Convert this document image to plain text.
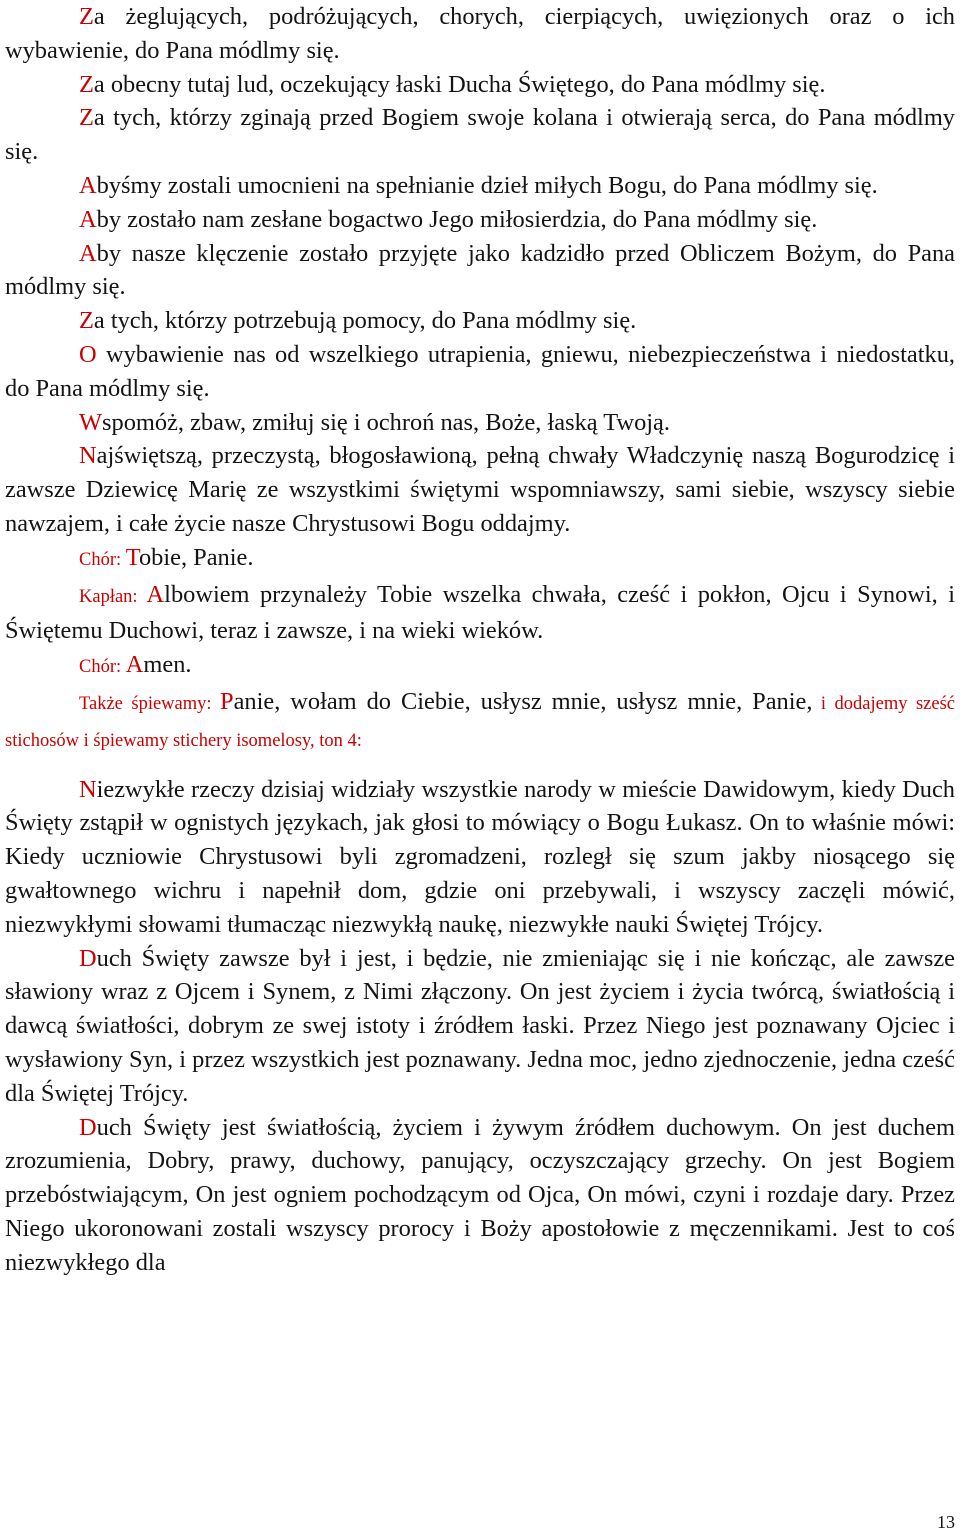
Za żeglujących, podróżujących, chorych, cierpiących, uwięzionych oraz o ich wybawienie, do Pana módlmy się.

Za obecny tutaj lud, oczekujący łaski Ducha Świętego, do Pana módlmy się.

Za tych, którzy zginają przed Bogiem swoje kolana i otwierają serca, do Pana módlmy się.

Abyśmy zostali umocnieni na spełnianie dzieł miłych Bogu, do Pana módlmy się.

Aby zostało nam zesłane bogactwo Jego miłosierdzia, do Pana módlmy się.

Aby nasze klęczenie zostało przyjęte jako kadzidło przed Obliczem Bożym, do Pana módlmy się.

Za tych, którzy potrzebują pomocy, do Pana módlmy się.

O wybawienie nas od wszelkiego utrapienia, gniewu, niebezpieczeństwa i niedostatku, do Pana módlmy się.

Wspomóż, zbaw, zmiłuj się i ochroń nas, Boże, łaską Twoją.

Najświętszą, przeczystą, błogosławioną, pełną chwały Władczynię naszą Bogurodzicę i zawsze Dziewicę Marię ze wszystkimi świętymi wspomniawszy, sami siebie, wszyscy siebie nawzajem, i całe życie nasze Chrystusowi Bogu oddajmy.

Chór: Tobie, Panie.

Kapłan: Albowiem przynależy Tobie wszelka chwała, cześć i pokłon, Ojcu i Synowi, i Świętemu Duchowi, teraz i zawsze, i na wieki wieków.

Chór: Amen.

Także śpiewamy: Panie, wołam do Ciebie, usłysz mnie, usłysz mnie, Panie, i dodajemy sześć stichosów i śpiewamy stichery isomelosy, ton 4:

Niezwykłe rzeczy dzisiaj widziały wszystkie narody w mieście Dawidowym, kiedy Duch Święty zstąpił w ognistych językach, jak głosi to mówiący o Bogu Łukasz. On to właśnie mówi: Kiedy uczniowie Chrystusowi byli zgromadzeni, rozległ się szum jakby niosącego się gwałtownego wichru i napełnił dom, gdzie oni przebywali, i wszyscy zaczęli mówić, niezwykłymi słowami tłumacząc niezwykłą naukę, niezwykłe nauki Świętej Trójcy.

Duch Święty zawsze był i jest, i będzie, nie zmieniając się i nie kończąc, ale zawsze sławiony wraz z Ojcem i Synem, z Nimi złączony. On jest życiem i życia twórcą, światłością i dawcą światłości, dobrym ze swej istoty i źródłem łaski. Przez Niego jest poznawany Ojciec i wysławiony Syn, i przez wszystkich jest poznawany. Jedna moc, jedno zjednoczenie, jedna cześć dla Świętej Trójcy.

Duch Święty jest światłością, życiem i żywym źródłem duchowym. On jest duchem zrozumienia, Dobry, prawy, duchowy, panujący, oczyszczający grzechy. On jest Bogiem przebóstwiającym, On jest ogniem pochodzącym od Ojca, On mówi, czyni i rozdaje dary. Przez Niego ukoronowani zostali wszyscy prorocy i Boży apostołowie z męczennikami. Jest to coś niezwykłego dla

13
